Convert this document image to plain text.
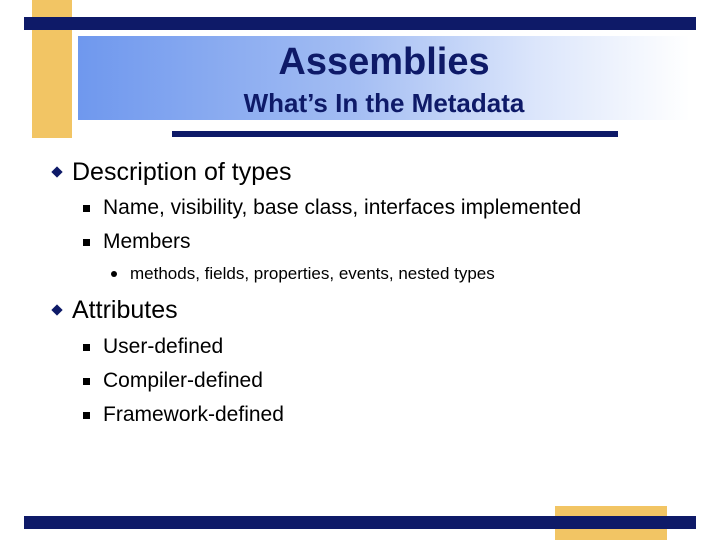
Assemblies
What’s In the Metadata
Description of types
Name, visibility, base class, interfaces implemented
Members
methods, fields, properties, events, nested types
Attributes
User-defined
Compiler-defined
Framework-defined
